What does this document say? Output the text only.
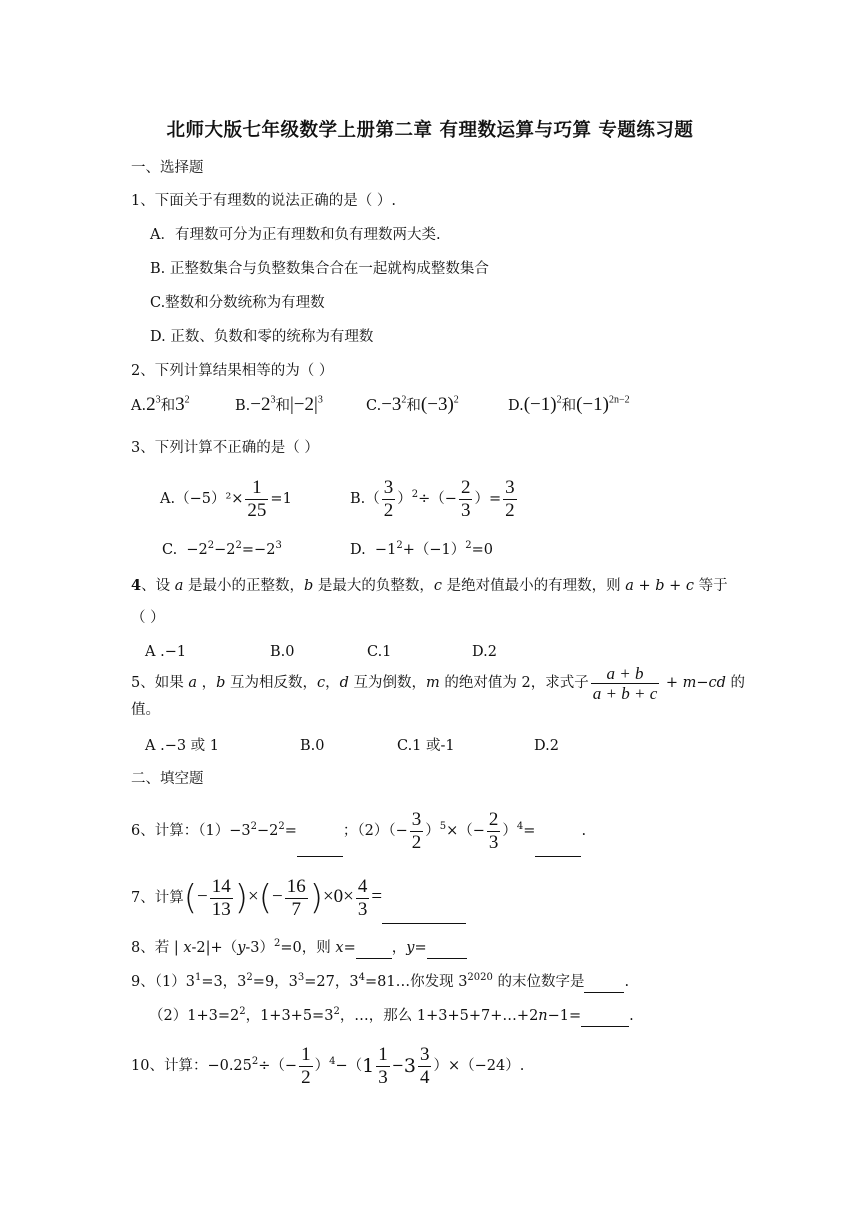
北师大版七年级数学上册第二章 有理数运算与巧算 专题练习题
一、选择题
1、下面关于有理数的说法正确的是（ ）.
A．有理数可分为正有理数和负有理数两大类.
B. 正整数集合与负整数集合合在一起就构成整数集合
C.整数和分数统称为有理数
D. 正数、负数和零的统称为有理数
2、下列计算结果相等的为（ ）
$A.2^3$和$3^2$	$B.-2^3$和$|-2|^3$	$C.-3^2$和$(-3)^2$	$D.(-1)^2$和$(-1)^{2n-2}$
3、下列计算不正确的是（ ）
$A.(-5)^2\times \frac{1}{25} =1$	$B.( \frac{3}{2} )^2\div(- \frac{2}{3}$ ）= $\frac{3}{2}$
C.  $-2^2-2^2=-2^3$	D.  $-1^2+(-1)^2=0$
4、设 a 是最小的正整数，b 是最大的负整数，c 是绝对值最小的有理数，则 a + b + c 等于
（ ）
A .−1	B.0	C.1	D.2
5、如果 a ，b 互为相反数，c，d 互为倒数，m 的绝对值为 2，求式子 $\frac{a + b}{a + b + c} + m-cd$ 的
值。
A .−3 或 1	B.0	C.1 或-1	D.2
二、填空题
6、计算：$(1)-3^2-2^2=$	；$(2)(- \frac{3}{2} )^5\times(- \frac{2}{3} )^4=$	.
7、计算(− $\frac{14}{13}$ )×(− $\frac{16}{7} )\times 0\times \frac{4}{3}$ =
8、若 | $x-2|+(y-3)^2=0$，则 x= ，y=
9、$(1)3^1=3$，$3^2=9$，$3^3=27$，$3^4=81\dots$你发现 $3^{2020}$ 的末位数字是	.
$(2)1+3=2^2$，$1+3+5=3^2$，…，那么 1+3+5+7+…+2n−1=	.
10、计算：$-0.25^2\div(- \frac{1}{2} )^4-(1 \frac{1}{3} -3 \frac{3}{4} )\times(-24)$.
